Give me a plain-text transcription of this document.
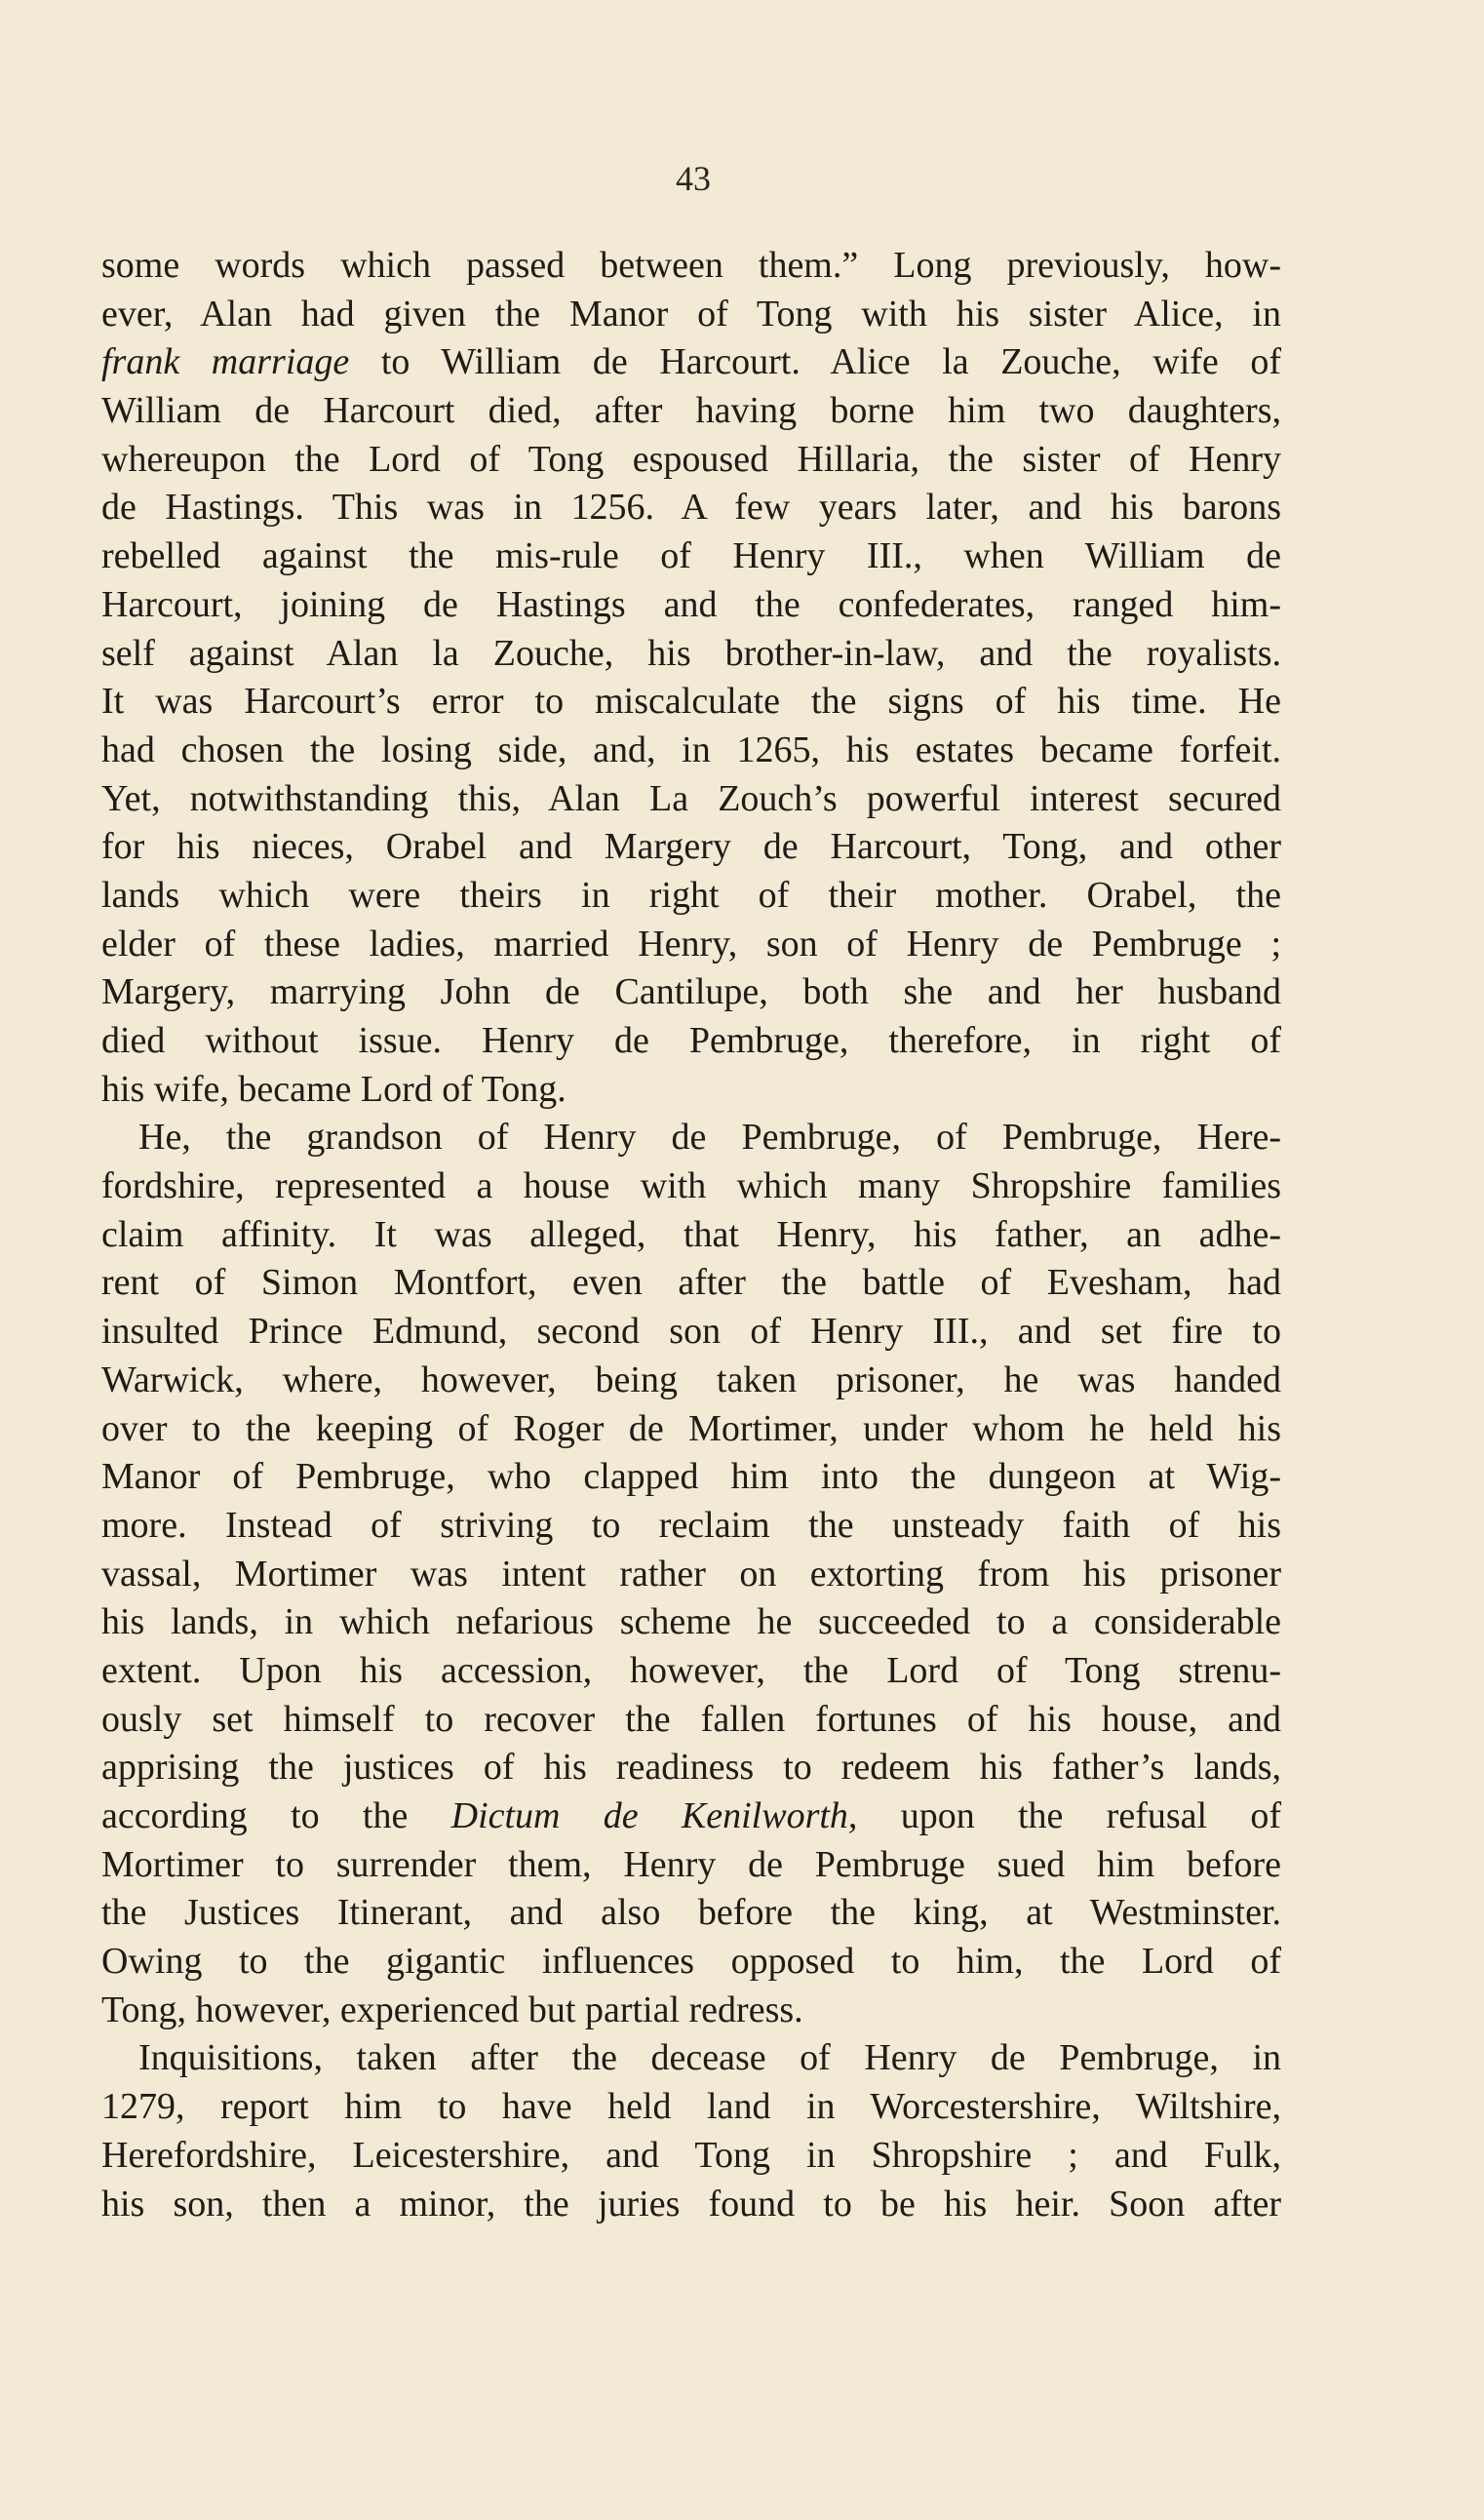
43
some words which passed between them.” Long previously, how-
ever, Alan had given the Manor of Tong with his sister Alice, in
frank marriage to William de Harcourt. Alice la Zouche, wife of
William de Harcourt died, after having borne him two daughters,
whereupon the Lord of Tong espoused Hillaria, the sister of Henry
de Hastings. This was in 1256. A few years later, and his barons
rebelled against the mis-rule of Henry III., when William de
Harcourt, joining de Hastings and the confederates, ranged him-
self against Alan la Zouche, his brother-in-law, and the royalists.
It was Harcourt’s error to miscalculate the signs of his time. He
had chosen the losing side, and, in 1265, his estates became forfeit.
Yet, notwithstanding this, Alan La Zouch’s powerful interest secured
for his nieces, Orabel and Margery de Harcourt, Tong, and other
lands which were theirs in right of their mother. Orabel, the
elder of these ladies, married Henry, son of Henry de Pembruge ;
Margery, marrying John de Cantilupe, both she and her husband
died without issue. Henry de Pembruge, therefore, in right of
his wife, became Lord of Tong.
He, the grandson of Henry de Pembruge, of Pembruge, Here-
fordshire, represented a house with which many Shropshire families
claim affinity. It was alleged, that Henry, his father, an adhe-
rent of Simon Montfort, even after the battle of Evesham, had
insulted Prince Edmund, second son of Henry III., and set fire to
Warwick, where, however, being taken prisoner, he was handed
over to the keeping of Roger de Mortimer, under whom he held his
Manor of Pembruge, who clapped him into the dungeon at Wig-
more. Instead of striving to reclaim the unsteady faith of his
vassal, Mortimer was intent rather on extorting from his prisoner
his lands, in which nefarious scheme he succeeded to a considerable
extent. Upon his accession, however, the Lord of Tong strenu-
ously set himself to recover the fallen fortunes of his house, and
apprising the justices of his readiness to redeem his father’s lands,
according to the Dictum de Kenilworth, upon the refusal of
Mortimer to surrender them, Henry de Pembruge sued him before
the Justices Itinerant, and also before the king, at Westminster.
Owing to the gigantic influences opposed to him, the Lord of
Tong, however, experienced but partial redress.
Inquisitions, taken after the decease of Henry de Pembruge, in
1279, report him to have held land in Worcestershire, Wiltshire,
Herefordshire, Leicestershire, and Tong in Shropshire ; and Fulk,
his son, then a minor, the juries found to be his heir. Soon after
